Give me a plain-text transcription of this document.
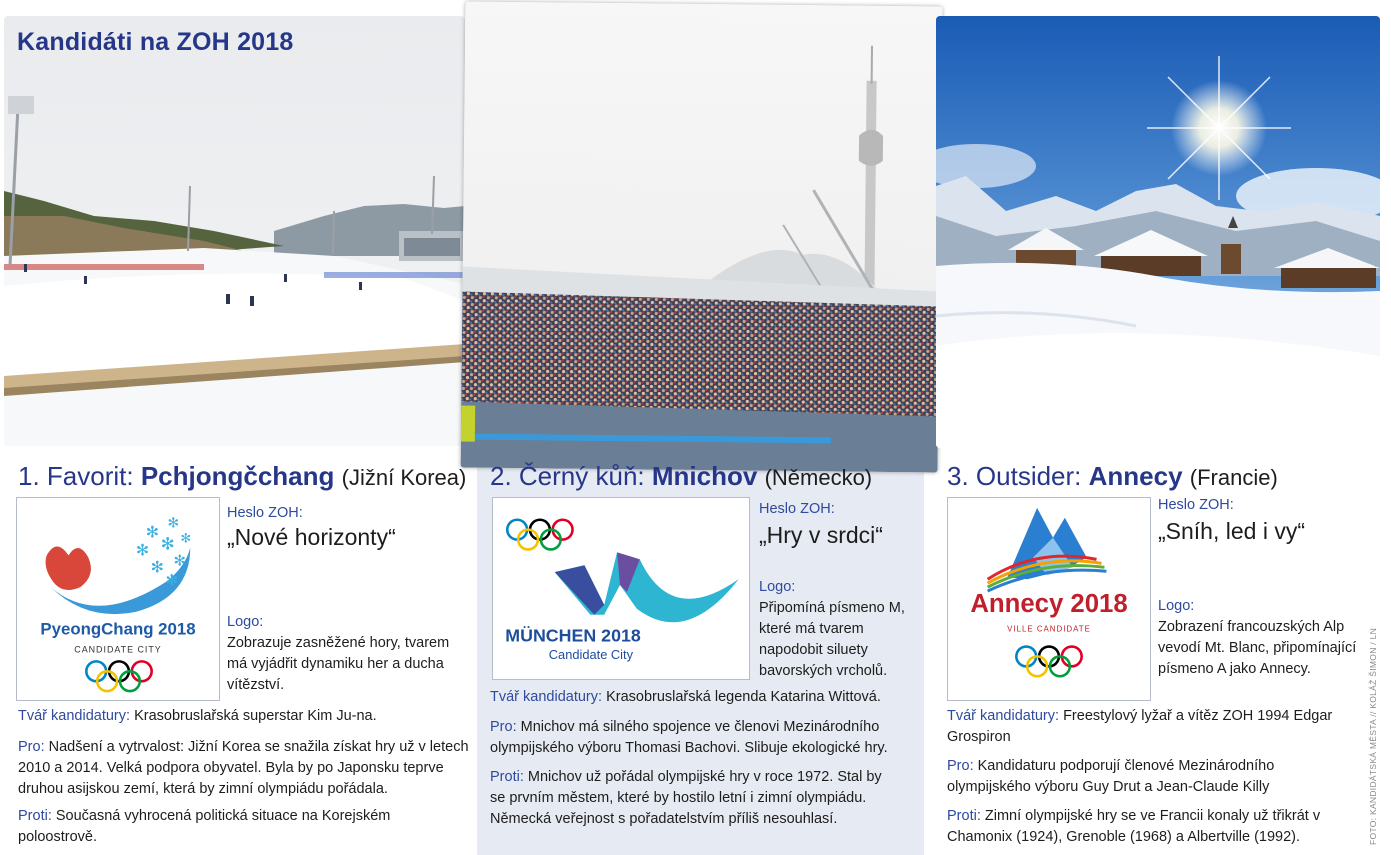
Kandidáti na ZOH 2018
1. Favorit: Pchjongčchang (Jižní Korea) 2. Černý kůň: Mnichov (Německo)	3. Outsider: Annecy (Francie)
✻ ✻
✻ ✻ ✻
✻ ✻
✻
PyeongChang 2018
CANDIDATE CITY
MÜNCHEN 2018
Candidate City
Annecy 2018
VILLE CANDIDATE
Heslo ZOH:
„Nové horizonty“
Logo:
Zobrazuje zasněžené hory, tvarem má vyjádřit dynamiku her a ducha vítězství.
Tvář kandidatury: Krasobruslařská superstar Kim Ju-na.
Pro: Nadšení a vytrvalost: Jižní Korea se snažila získat hry už v letech 2010 a 2014. Velká podpora obyvatel. Byla by po Japonsku teprve druhou asijskou zemí, která by zimní olympiádu pořádala.
Proti: Současná vyhrocená politická situace na Korejském poloostrově.
Heslo ZOH:
„Hry v srdci“
Logo:
Připomíná písmeno M, které má tvarem napodobit siluety bavorských vrcholů.
Tvář kandidatury: Krasobruslařská legenda Katarina Wittová.
Pro: Mnichov má silného spojence ve členovi Mezinárodního olympijského výboru Thomasi Bachovi. Slibuje ekologické hry.
Proti: Mnichov už pořádal olympijské hry v roce 1972. Stal by se prvním městem, které by hostilo letní i zimní olympiádu. Německá veřejnost s pořadatelstvím příliš nesouhlasí.
Heslo ZOH:
„Sníh, led i vy“
Logo:
Zobrazení francouzských Alp vevodí Mt. Blanc, připomínající písmeno A jako Annecy.
Tvář kandidatury: Freestylový lyžař a vítěz ZOH 1994 Edgar Grospiron
Pro: Kandidaturu podporují členové Mezinárodního olympijského výboru Guy Drut a Jean-Claude Killy
Proti: Zimní olympijské hry se ve Francii konaly už třikrát v Chamonix (1924), Grenoble (1968) a Albertville (1992).	FOTO: KANDIDÁTSKÁ MĚSTA // KOLÁŽ ŠIMON / LN
